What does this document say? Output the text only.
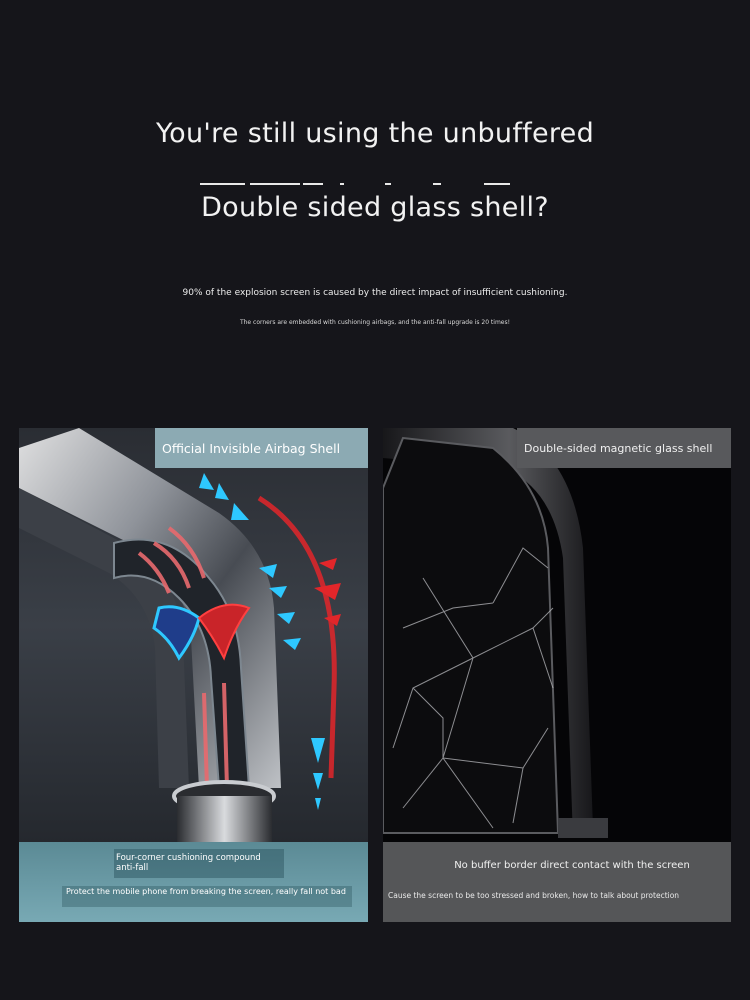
You're still using the unbuffered
Double sided glass shell?
90% of the explosion screen is caused by the direct impact of insufficient cushioning.
The corners are embedded with cushioning airbags, and the anti-fall upgrade is 20 times!
Official Invisible Airbag Shell
Four-corner cushioning compound anti-fall
Protect the mobile phone from breaking the screen, really fall not bad
Double-sided magnetic glass shell
No buffer border direct contact with the screen
Cause the screen to be too stressed and broken, how to talk about protection
